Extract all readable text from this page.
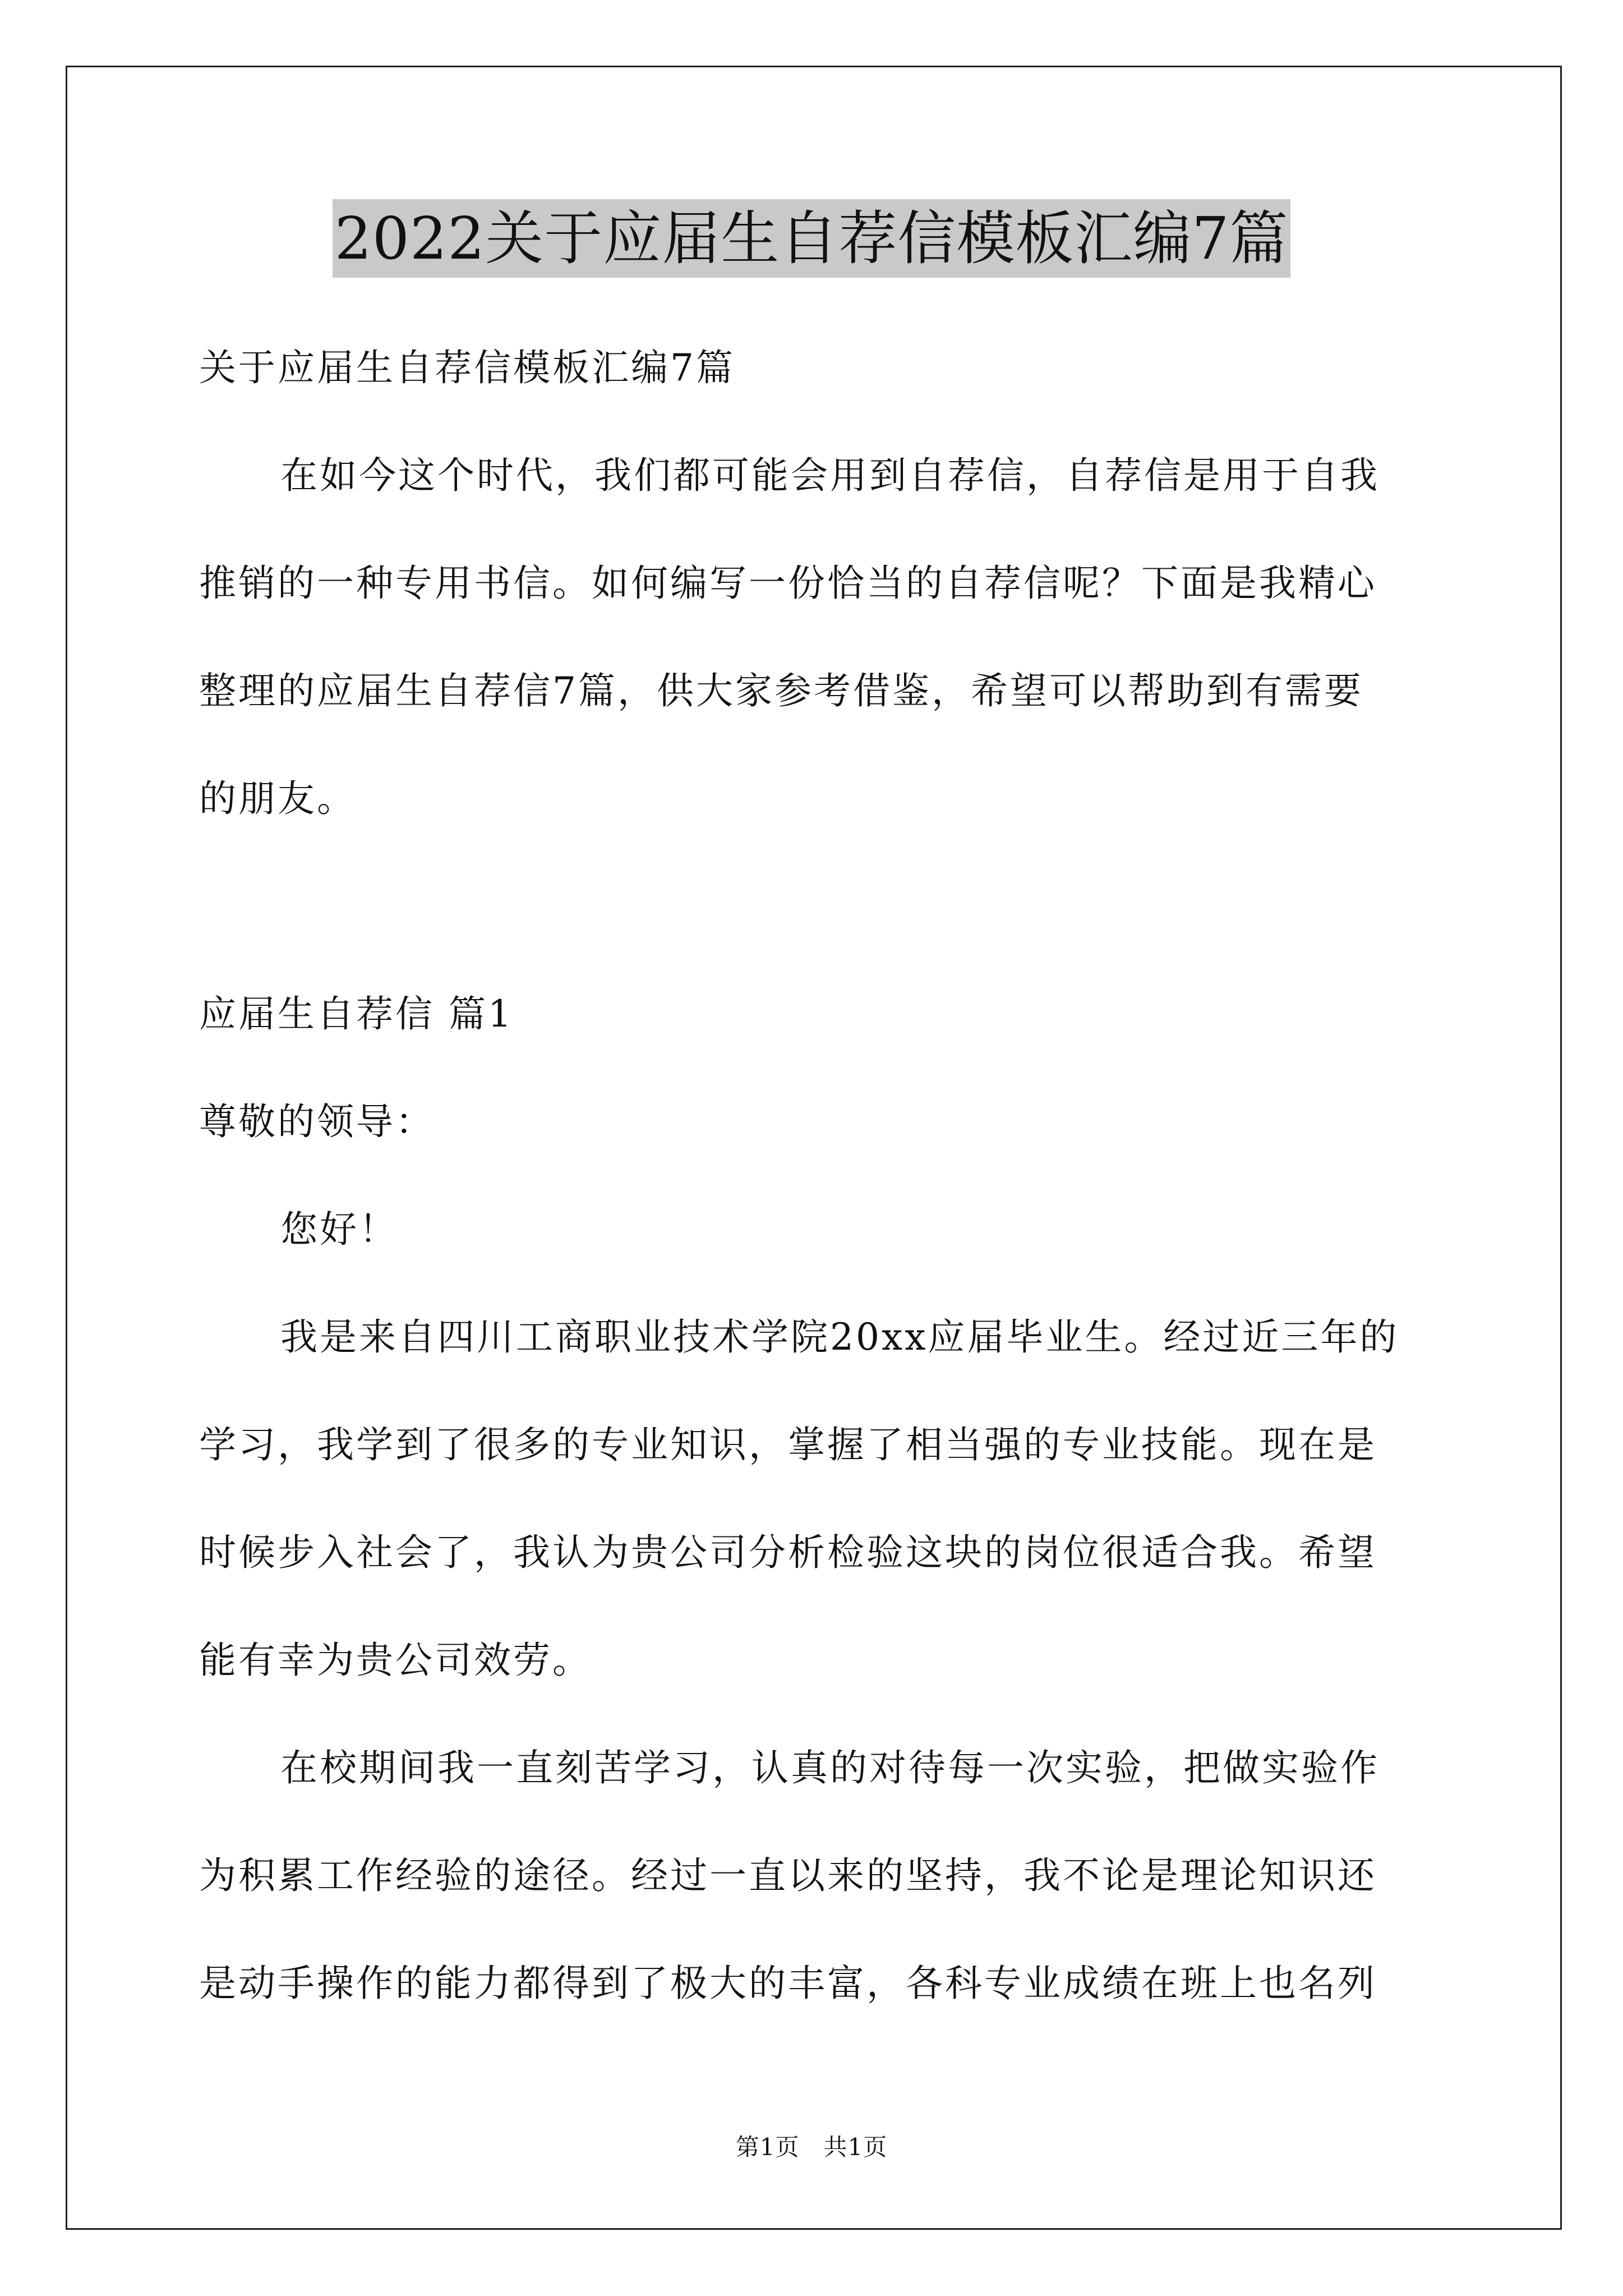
2022关于应届生自荐信模板汇编7篇
关于应届生自荐信模板汇编7篇
在如今这个时代，我们都可能会用到自荐信，自荐信是用于自我
推销的一种专用书信。如何编写一份恰当的自荐信呢？下面是我精心
整理的应届生自荐信7篇，供大家参考借鉴，希望可以帮助到有需要
的朋友。
应届生自荐信 篇1
尊敬的领导：
您好！
我是来自四川工商职业技术学院20xx应届毕业生。经过近三年的
学习，我学到了很多的专业知识，掌握了相当强的专业技能。现在是
时候步入社会了，我认为贵公司分析检验这块的岗位很适合我。希望
能有幸为贵公司效劳。
在校期间我一直刻苦学习，认真的对待每一次实验，把做实验作
为积累工作经验的途径。经过一直以来的坚持，我不论是理论知识还
是动手操作的能力都得到了极大的丰富，各科专业成绩在班上也名列
第1页　共1页
